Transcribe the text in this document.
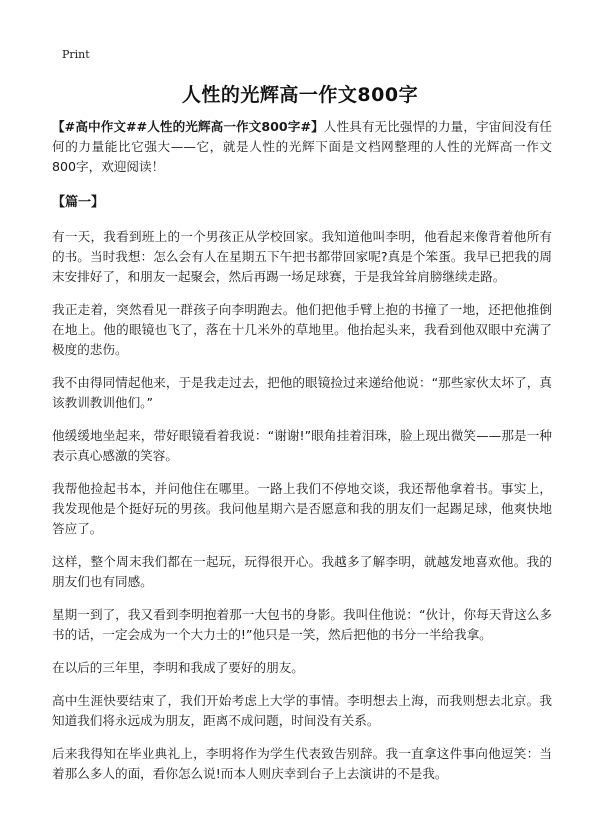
Print
人性的光辉高一作文800字

【#高中作文##人性的光辉高一作文800字#】人性具有无比强悍的力量，宇宙间没有任何的力量能比它强大——它，就是人性的光辉下面是文档网整理的人性的光辉高一作文800字，欢迎阅读！

【篇一】

有一天，我看到班上的一个男孩正从学校回家。我知道他叫李明，他看起来像背着他所有的书。当时我想：怎么会有人在星期五下午把书都带回家呢?真是个笨蛋。我早已把我的周末安排好了，和朋友一起聚会，然后再踢一场足球赛，于是我耸耸肩膀继续走路。

我正走着，突然看见一群孩子向李明跑去。他们把他手臂上抱的书撞了一地，还把他推倒在地上。他的眼镜也飞了，落在十几米外的草地里。他抬起头来，我看到他双眼中充满了极度的悲伤。

我不由得同情起他来，于是我走过去，把他的眼镜捡过来递给他说：“那些家伙太坏了，真该教训教训他们。”

他缓缓地坐起来，带好眼镜看着我说：“谢谢!”眼角挂着泪珠，脸上现出微笑——那是一种表示真心感激的笑容。

我帮他捡起书本，并问他住在哪里。一路上我们不停地交谈，我还帮他拿着书。事实上，我发现他是个挺好玩的男孩。我问他星期六是否愿意和我的朋友们一起踢足球，他爽快地答应了。

这样，整个周末我们都在一起玩，玩得很开心。我越多了解李明，就越发地喜欢他。我的朋友们也有同感。

星期一到了，我又看到李明抱着那一大包书的身影。我叫住他说：“伙计，你每天背这么多书的话，一定会成为一个大力士的!”他只是一笑，然后把他的书分一半给我拿。

在以后的三年里，李明和我成了要好的朋友。

高中生涯快要结束了，我们开始考虑上大学的事情。李明想去上海，而我则想去北京。我知道我们将永远成为朋友，距离不成问题，时间没有关系。

后来我得知在毕业典礼上，李明将作为学生代表致告别辞。我一直拿这件事向他逗笑：当着那么多人的面，看你怎么说!而本人则庆幸到台子上去演讲的不是我。
